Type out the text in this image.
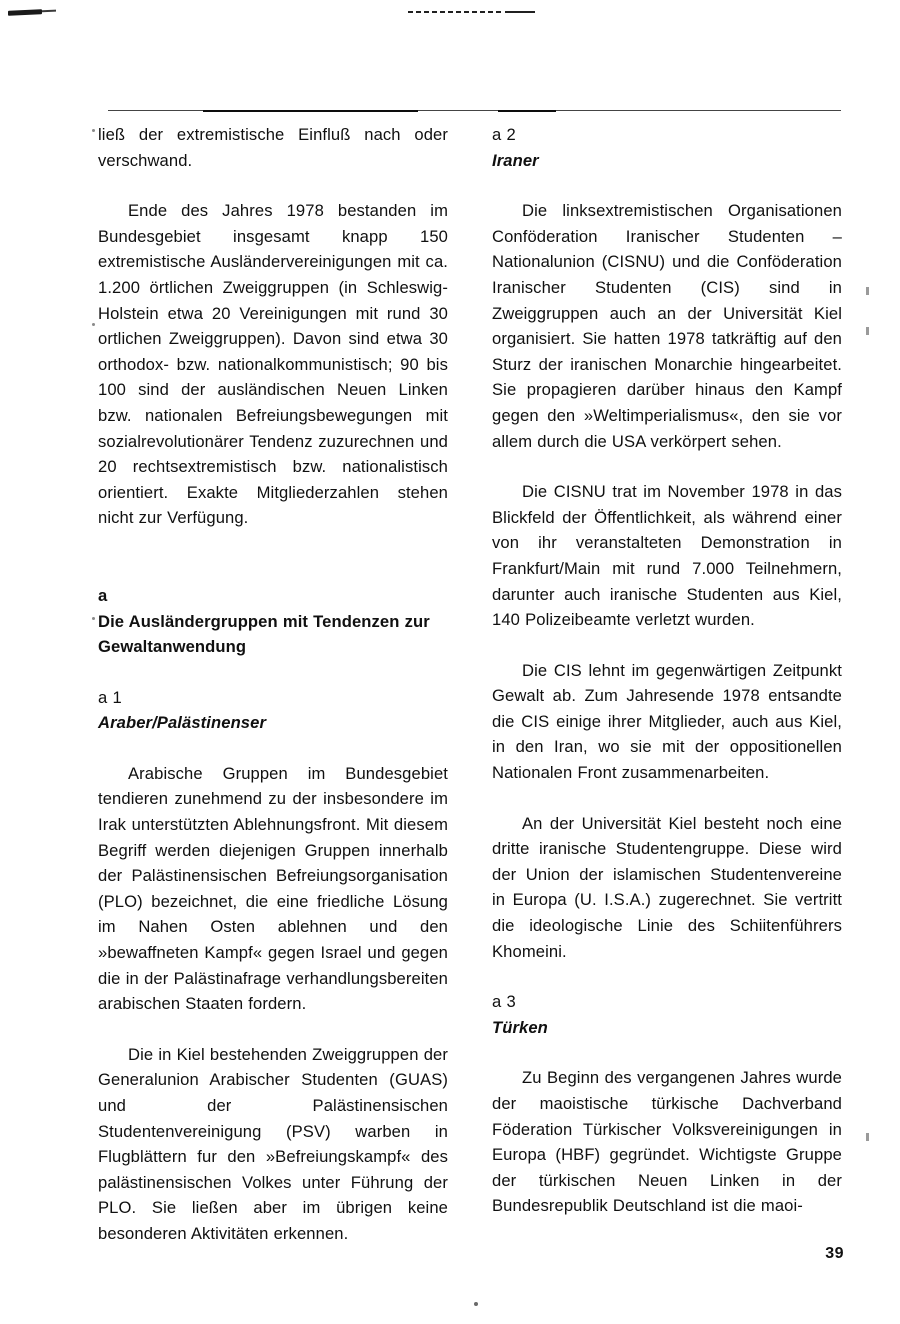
ließ der extremistische Einfluß nach oder verschwand.

Ende des Jahres 1978 bestanden im Bundesgebiet insgesamt knapp 150 extremistische Ausländervereinigungen mit ca. 1.200 örtlichen Zweiggruppen (in Schleswig-Holstein etwa 20 Vereinigungen mit rund 30 ortlichen Zweiggruppen). Davon sind etwa 30 orthodox- bzw. nationalkommunistisch; 90 bis 100 sind der ausländischen Neuen Linken bzw. nationalen Befreiungsbewegungen mit sozialrevolutionärer Tendenz zuzurechnen und 20 rechtsextremistisch bzw. nationalistisch orientiert. Exakte Mitgliederzahlen stehen nicht zur Verfügung.

a

Die Ausländergruppen mit Tendenzen zur Gewaltanwendung

a 1

Araber/Palästinenser

Arabische Gruppen im Bundesgebiet tendieren zunehmend zu der insbesondere im Irak unterstützten Ablehnungsfront. Mit diesem Begriff werden diejenigen Gruppen innerhalb der Palästinensischen Befreiungsorganisation (PLO) bezeichnet, die eine friedliche Lösung im Nahen Osten ablehnen und den »bewaffneten Kampf« gegen Israel und gegen die in der Palästinafrage verhandlungsbereiten arabischen Staaten fordern.

Die in Kiel bestehenden Zweiggruppen der Generalunion Arabischer Studenten (GUAS) und der Palästinensischen Studentenvereinigung (PSV) warben in Flugblättern fur den »Befreiungskampf« des palästinensischen Volkes unter Führung der PLO. Sie ließen aber im übrigen keine besonderen Aktivitäten erkennen.

a 2

Iraner

Die linksextremistischen Organisationen Conföderation Iranischer Studenten – Nationalunion (CISNU) und die Conföderation Iranischer Studenten (CIS) sind in Zweiggruppen auch an der Universität Kiel organisiert. Sie hatten 1978 tatkräftig auf den Sturz der iranischen Monarchie hingearbeitet. Sie propagieren darüber hinaus den Kampf gegen den »Weltimperialismus«, den sie vor allem durch die USA verkörpert sehen.

Die CISNU trat im November 1978 in das Blickfeld der Öffentlichkeit, als während einer von ihr veranstalteten Demonstration in Frankfurt/Main mit rund 7.000 Teilnehmern, darunter auch iranische Studenten aus Kiel, 140 Polizeibeamte verletzt wurden.

Die CIS lehnt im gegenwärtigen Zeitpunkt Gewalt ab. Zum Jahresende 1978 entsandte die CIS einige ihrer Mitglieder, auch aus Kiel, in den Iran, wo sie mit der oppositionellen Nationalen Front zusammenarbeiten.

An der Universität Kiel besteht noch eine dritte iranische Studentengruppe. Diese wird der Union der islamischen Studentenvereine in Europa (U. I.S.A.) zugerechnet. Sie vertritt die ideologische Linie des Schiitenführers Khomeini.

a 3

Türken

Zu Beginn des vergangenen Jahres wurde der maoistische türkische Dachverband Föderation Türkischer Volksvereinigungen in Europa (HBF) gegründet. Wichtigste Gruppe der türkischen Neuen Linken in der Bundesrepublik Deutschland ist die maoi-

39
